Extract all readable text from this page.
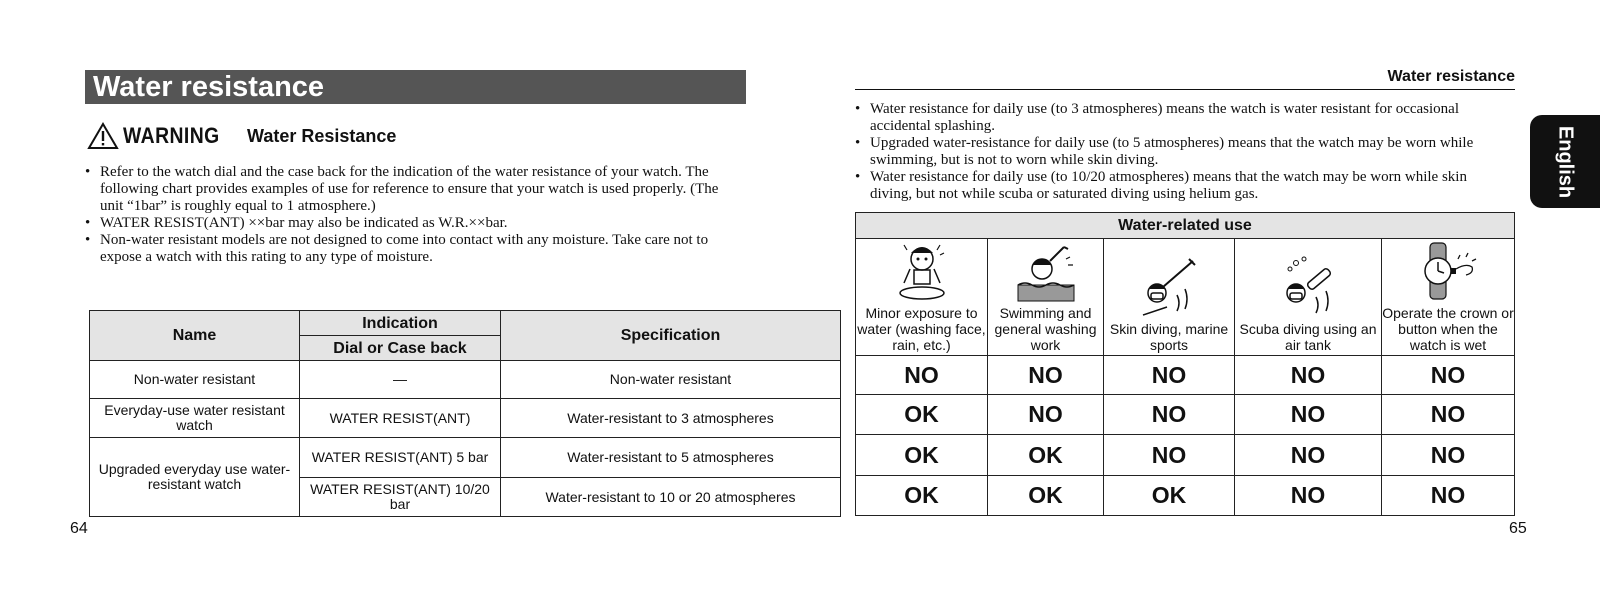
Water resistance
WARNING Water Resistance
• Refer to the watch dial and the case back for the indication of the water resistance of your watch. The following chart provides examples of use for reference to ensure that your watch is used properly. (The unit “1bar” is roughly equal to 1 atmosphere.)
• WATER RESIST(ANT) ××bar may also be indicated as W.R.××bar.
• Non-water resistant models are not designed to come into contact with any moisture. Take care not to expose a watch with this rating to any type of moisture.
Name	Indication	Specification
	Dial or Case back	
Non-water resistant	—	Non-water resistant
Everyday-use water resistant watch	WATER RESIST(ANT)	Water-resistant to 3 atmospheres
Upgraded everyday use water-resistant watch	WATER RESIST(ANT) 5 bar	Water-resistant to 5 atmospheres
	WATER RESIST(ANT) 10/20 bar	Water-resistant to 10 or 20 atmospheres
64
Water resistance
• Water resistance for daily use (to 3 atmospheres) means the watch is water resistant for occasional accidental splashing.
• Upgraded water-resistance for daily use (to 5 atmospheres) means that the watch may be worn while swimming, but is not to worn while skin diving.
• Water resistance for daily use (to 10/20 atmospheres) means that the watch may be worn while skin diving, but not while scuba or saturated diving using helium gas.	English
Water-related use				

Minor exposure to water (washing face, rain, etc.)	Swimming and general washing work	Skin diving, marine sports	Scuba diving using an air tank	Operate the crown or button when the watch is wet
NO	NO	NO	NO	NO
OK	NO	NO	NO	NO
OK	OK	NO	NO	NO
OK	OK	OK	NO	NO
65
